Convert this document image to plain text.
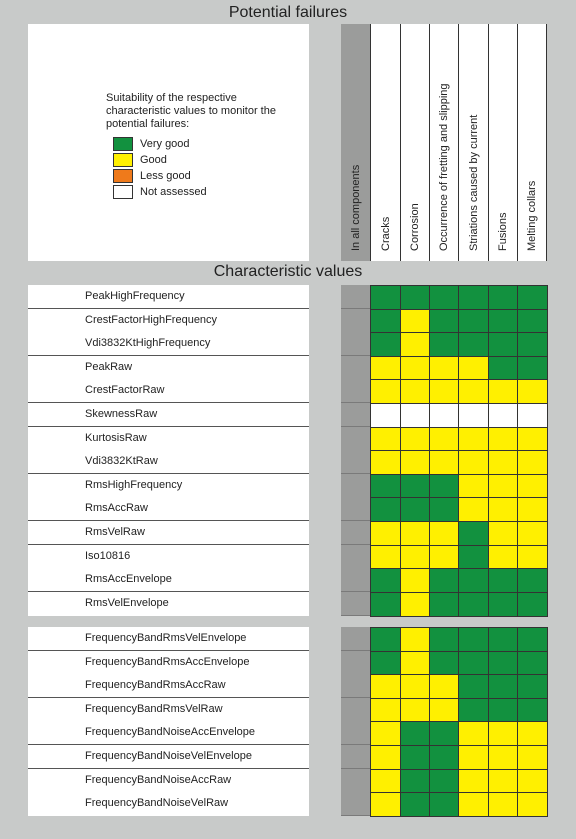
Potential failures
Suitability of the respective characteristic values to monitor the potential failures:
Very good
Good
Less good
Not assessed	In all components Cracks Corrosion Occurrence of fretting and slipping Striations caused by current Fusions Melting collars
Characteristic values
PeakHighFrequency
CrestFactorHighFrequency
Vdi3832KtHighFrequency
PeakRaw
CrestFactorRaw
SkewnessRaw
KurtosisRaw
Vdi3832KtRaw
RmsHighFrequency
RmsAccRaw
RmsVelRaw
Iso10816
RmsAccEnvelope
RmsVelEnvelope
FrequencyBandRmsVelEnvelope
FrequencyBandRmsAccEnvelope
FrequencyBandRmsAccRaw
FrequencyBandRmsVelRaw
FrequencyBandNoiseAccEnvelope
FrequencyBandNoiseVelEnvelope
FrequencyBandNoiseAccRaw
FrequencyBandNoiseVelRaw
